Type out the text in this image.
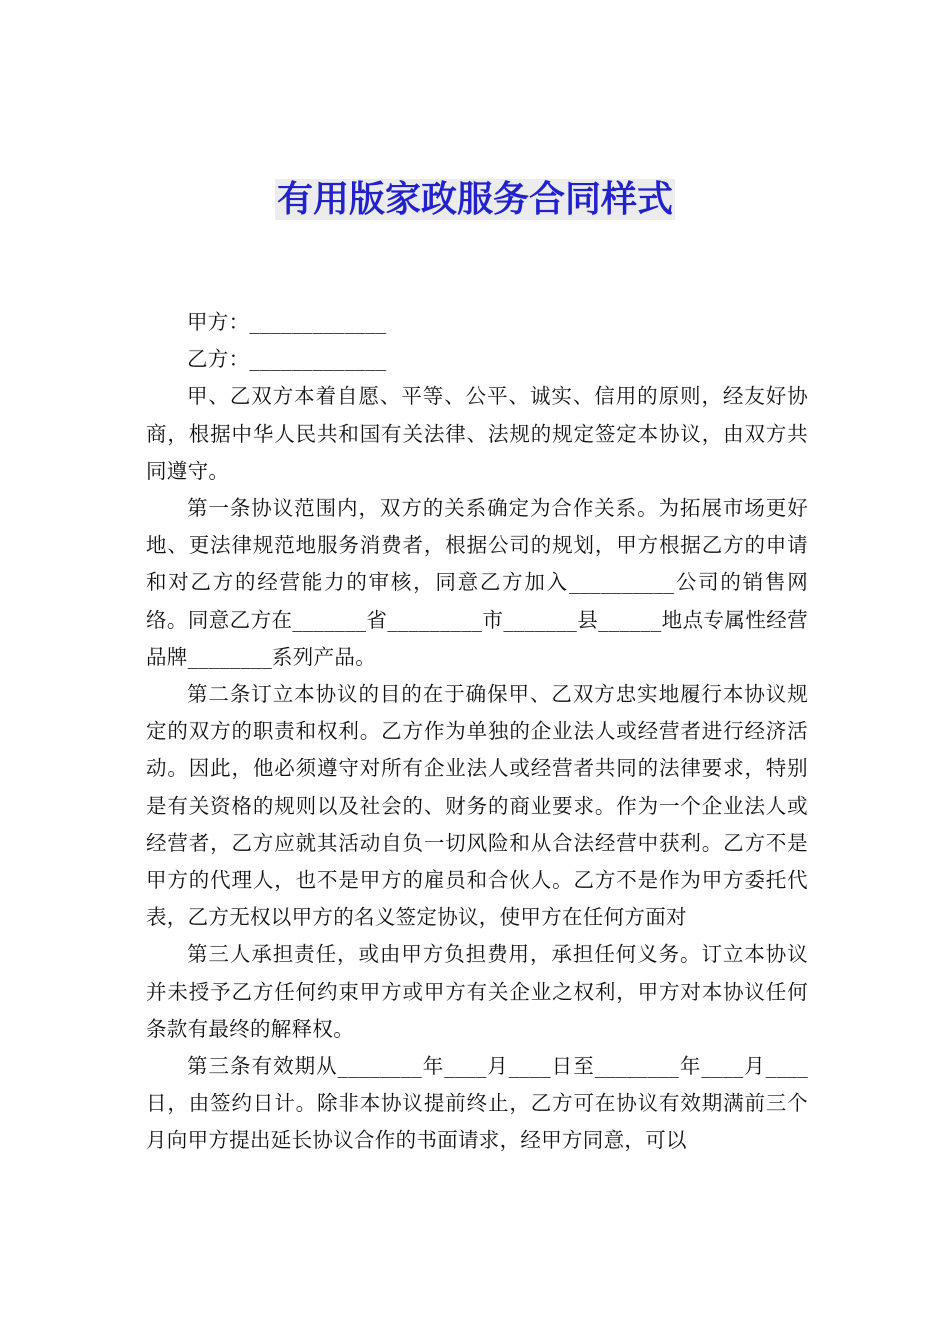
有用版家政服务合同样式

甲方：_____________

乙方：_____________

甲、乙双方本着自愿、平等、公平、诚实、信用的原则，经友好协商，根据中华人民共和国有关法律、法规的规定签定本协议，由双方共同遵守。

第一条协议范围内，双方的关系确定为合作关系。为拓展市场更好地、更法律规范地服务消费者，根据公司的规划，甲方根据乙方的申请和对乙方的经营能力的审核，同意乙方加入__________公司的销售网络。同意乙方在_______省_________市_______县______地点专属性经营品牌________系列产品。

第二条订立本协议的目的在于确保甲、乙双方忠实地履行本协议规定的双方的职责和权利。乙方作为单独的企业法人或经营者进行经济活动。因此，他必须遵守对所有企业法人或经营者共同的法律要求，特别是有关资格的规则以及社会的、财务的商业要求。作为一个企业法人或经营者，乙方应就其活动自负一切风险和从合法经营中获利。乙方不是甲方的代理人，也不是甲方的雇员和合伙人。乙方不是作为甲方委托代表，乙方无权以甲方的名义签定协议，使甲方在任何方面对

第三人承担责任，或由甲方负担费用，承担任何义务。订立本协议并未授予乙方任何约束甲方或甲方有关企业之权利，甲方对本协议任何条款有最终的解释权。

第三条有效期从________年____月____日至________年____月____日，由签约日计。除非本协议提前终止，乙方可在协议有效期满前三个月向甲方提出延长协议合作的书面请求，经甲方同意，可以
